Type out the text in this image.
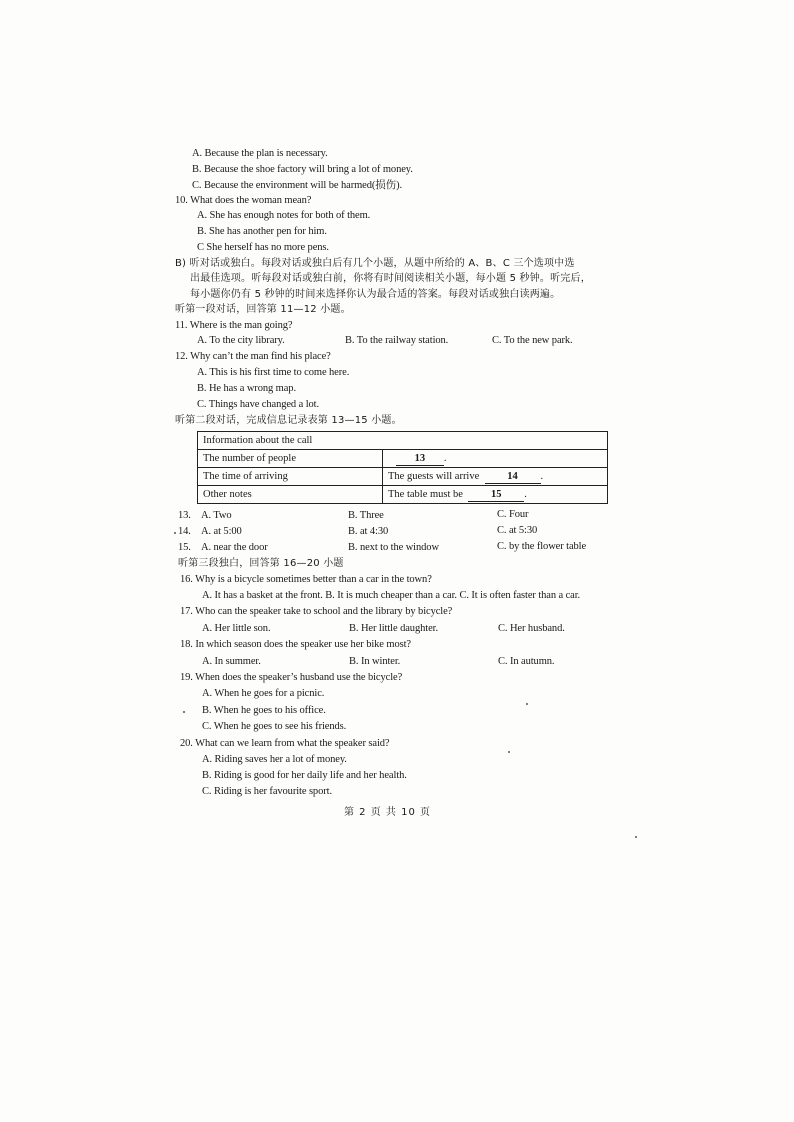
A. Because the plan is necessary.
B. Because the shoe factory will bring a lot of money.
C. Because the environment will be harmed(损伤).
10. What does the woman mean?
A. She has enough notes for both of them.
B. She has another pen for him.
C She herself has no more pens.
B) 听对话或独白。每段对话或独白后有几个小题，从题中所给的 A、B、C 三个选项中选
出最佳选项。听每段对话或独白前，你将有时间阅读相关小题，每小题 5 秒钟。听完后，
每小题你仍有 5 秒钟的时间来选择你认为最合适的答案。每段对话或独白读两遍。
听第一段对话，回答第 11—12 小题。
11. Where is the man going?
A. To the city library.	B. To the railway station.	C. To the new park.
12. Why can’t the man find his place?
A. This is his first time to come here.
B. He has a wrong map.
C. Things have changed a lot.
听第二段对话，完成信息记录表第 13—15 小题。
Information about the call	
The number of people	13 .
The time of arriving	The guests will arrive 14 .
Other notes	The table must be 15 .
13. A. Two	B. Three	C. Four
14. A. at 5:00	B. at 4:30	C. at 5:30
15. A. near the door	B. next to the window	C. by the flower table
听第三段独白，回答第 16—20 小题
16. Why is a bicycle sometimes better than a car in the town?
A. It has a basket at the front. B. It is much cheaper than a car. C. It is often faster than a car.
17. Who can the speaker take to school and the library by bicycle?
A. Her little son.	B. Her little daughter.	C. Her husband.
18. In which season does the speaker use her bike most?
A. In summer.	B. In winter.	C. In autumn.
19. When does the speaker’s husband use the bicycle?
A. When he goes for a picnic.
B. When he goes to his office.
C. When he goes to see his friends.
20. What can we learn from what the speaker said?
A. Riding saves her a lot of money.
B. Riding is good for her daily life and her health.
C. Riding is her favourite sport.
第 2 页 共 10 页
